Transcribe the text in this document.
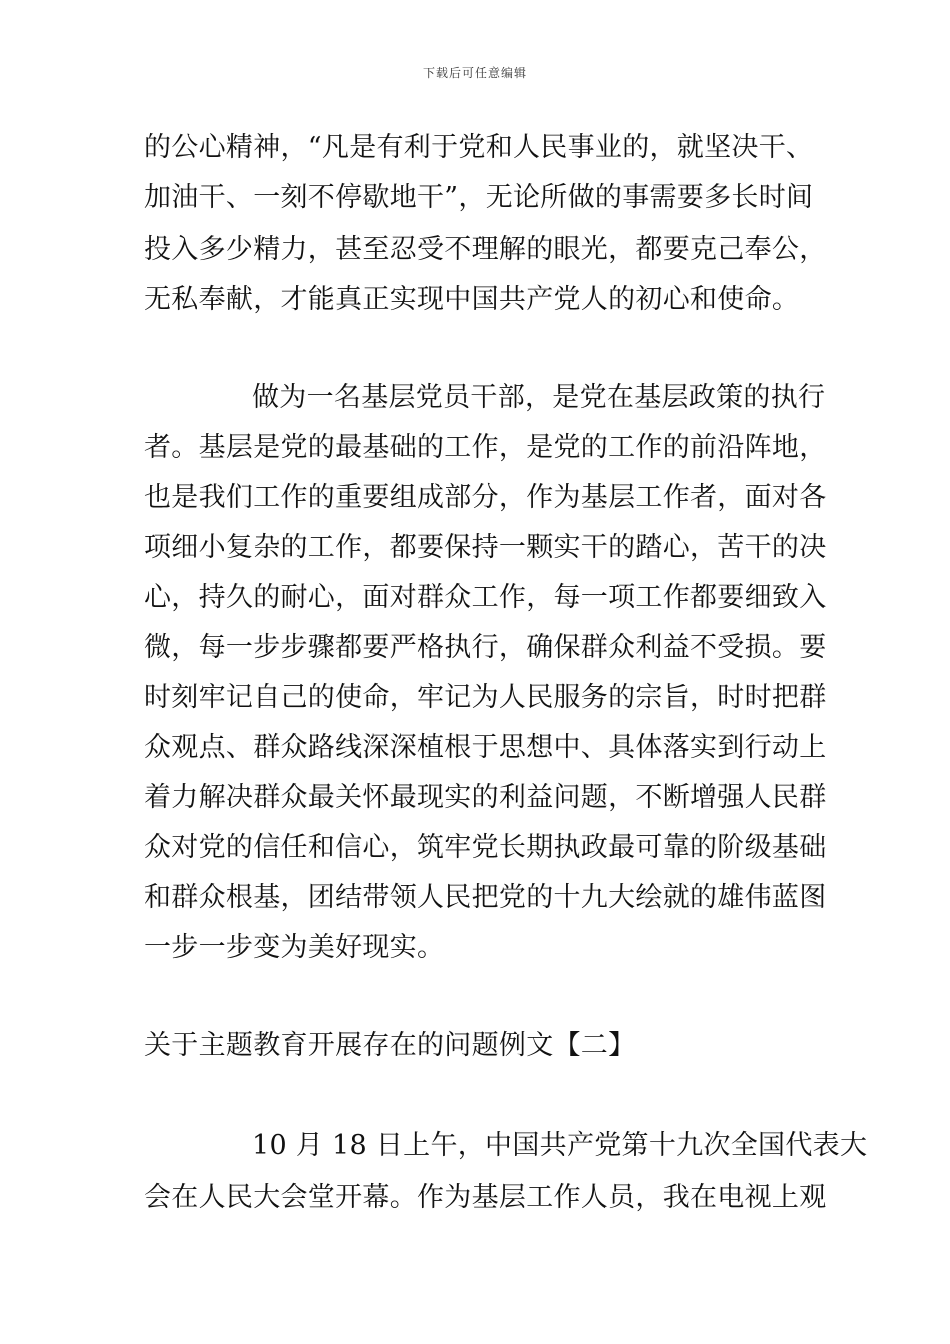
下载后可任意编辑
的公心精神，“凡是有利于党和人民事业的，就坚决干、
加油干、一刻不停歇地干”，无论所做的事需要多长时间
投入多少精力，甚至忍受不理解的眼光，都要克己奉公，
无私奉献，才能真正实现中国共产党人的初心和使命。
做为一名基层党员干部，是党在基层政策的执行
者。基层是党的最基础的工作，是党的工作的前沿阵地，
也是我们工作的重要组成部分，作为基层工作者，面对各
项细小复杂的工作，都要保持一颗实干的踏心，苦干的决
心，持久的耐心，面对群众工作，每一项工作都要细致入
微，每一步步骤都要严格执行，确保群众利益不受损。要
时刻牢记自己的使命，牢记为人民服务的宗旨，时时把群
众观点、群众路线深深植根于思想中、具体落实到行动上
着力解决群众最关怀最现实的利益问题，不断增强人民群
众对党的信任和信心，筑牢党长期执政最可靠的阶级基础
和群众根基，团结带领人民把党的十九大绘就的雄伟蓝图
一步一步变为美好现实。
关于主题教育开展存在的问题例文【二】
10 月 18 日上午，中国共产党第十九次全国代表大
会在人民大会堂开幕。作为基层工作人员，我在电视上观
